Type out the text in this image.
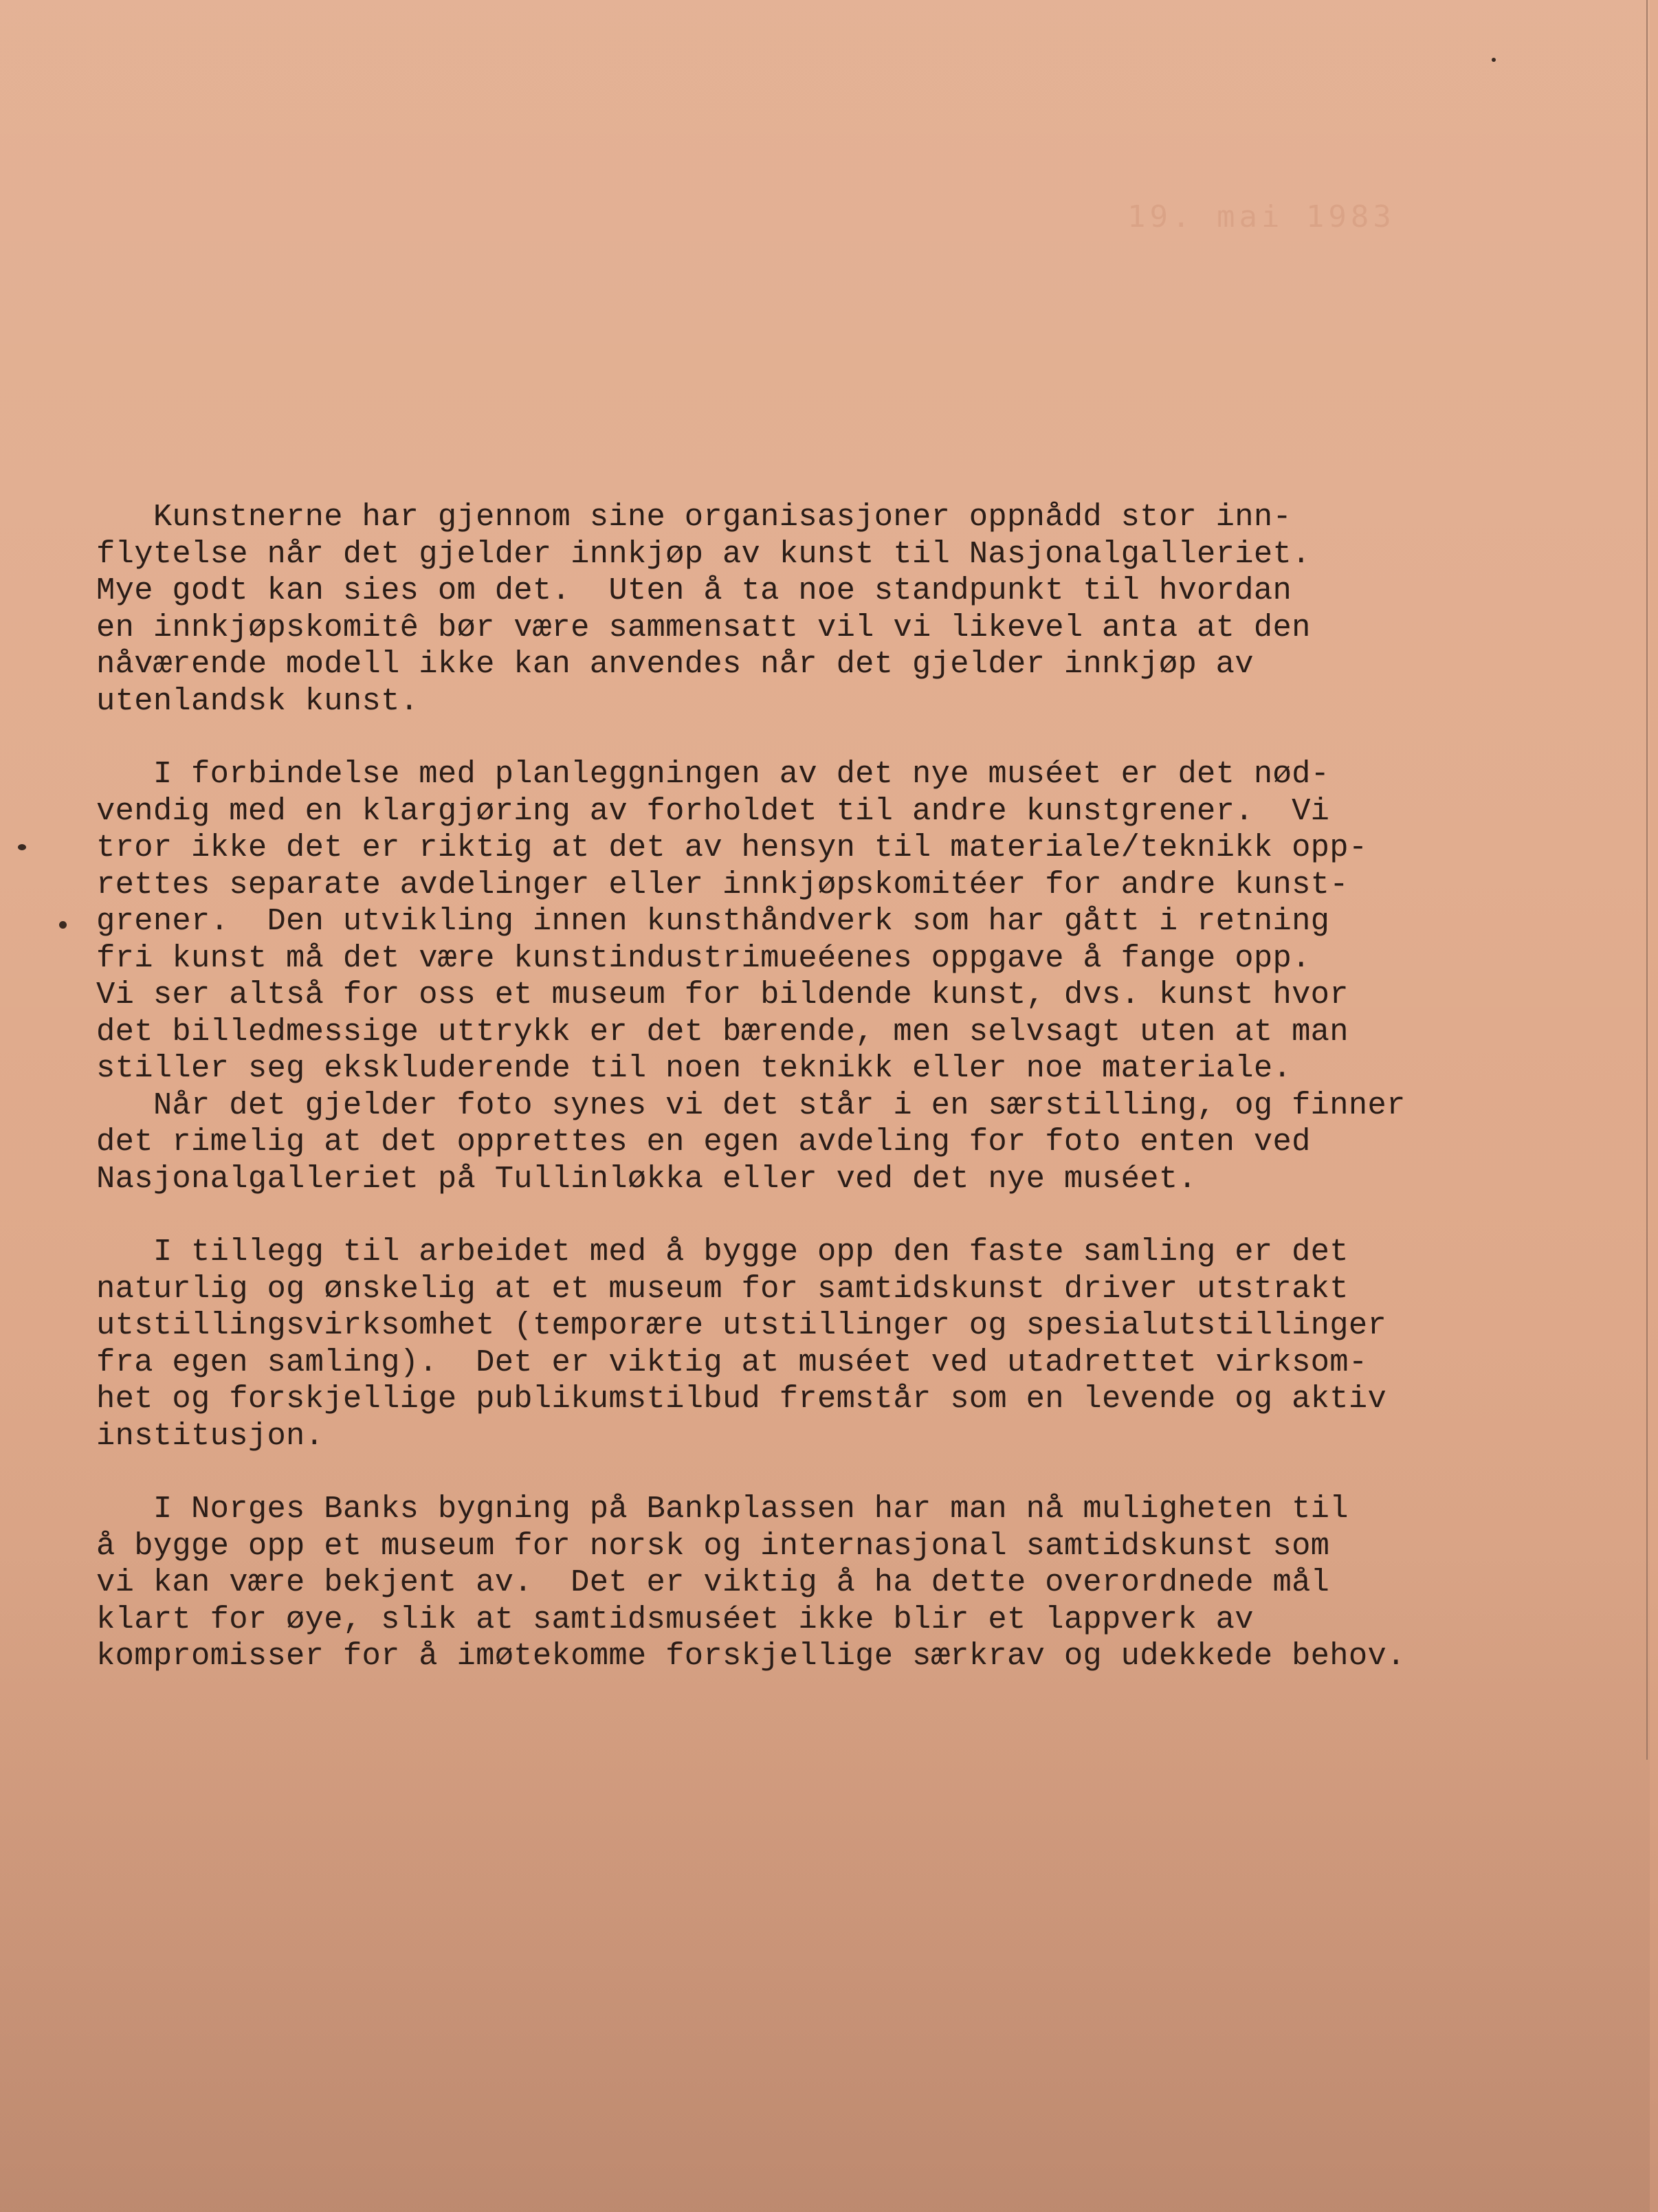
19. mai 1983
Kunstnerne har gjennom sine organisasjoner oppnådd stor inn-
flytelse når det gjelder innkjøp av kunst til Nasjonalgalleriet.
Mye godt kan sies om det.  Uten å ta noe standpunkt til hvordan
en innkjøpskomitê bør være sammensatt vil vi likevel anta at den
nåværende modell ikke kan anvendes når det gjelder innkjøp av
utenlandsk kunst.
I forbindelse med planleggningen av det nye muséet er det nød-
vendig med en klargjøring av forholdet til andre kunstgrener.  Vi
tror ikke det er riktig at det av hensyn til materiale/teknikk opp-
rettes separate avdelinger eller innkjøpskomitéer for andre kunst-
grener.  Den utvikling innen kunsthåndverk som har gått i retning
fri kunst må det være kunstindustrimueéenes oppgave å fange opp.
Vi ser altså for oss et museum for bildende kunst, dvs. kunst hvor
det billedmessige uttrykk er det bærende, men selvsagt uten at man
stiller seg ekskluderende til noen teknikk eller noe materiale.
Når det gjelder foto synes vi det står i en særstilling, og finner
det rimelig at det opprettes en egen avdeling for foto enten ved
Nasjonalgalleriet på Tullinløkka eller ved det nye muséet.
I tillegg til arbeidet med å bygge opp den faste samling er det
naturlig og ønskelig at et museum for samtidskunst driver utstrakt
utstillingsvirksomhet (temporære utstillinger og spesialutstillinger
fra egen samling).  Det er viktig at muséet ved utadrettet virksom-
het og forskjellige publikumstilbud fremstår som en levende og aktiv
institusjon.
I Norges Banks bygning på Bankplassen har man nå muligheten til
å bygge opp et museum for norsk og internasjonal samtidskunst som
vi kan være bekjent av.  Det er viktig å ha dette overordnede mål
klart for øye, slik at samtidsmuséet ikke blir et lappverk av
kompromisser for å imøtekomme forskjellige særkrav og udekkede behov.
